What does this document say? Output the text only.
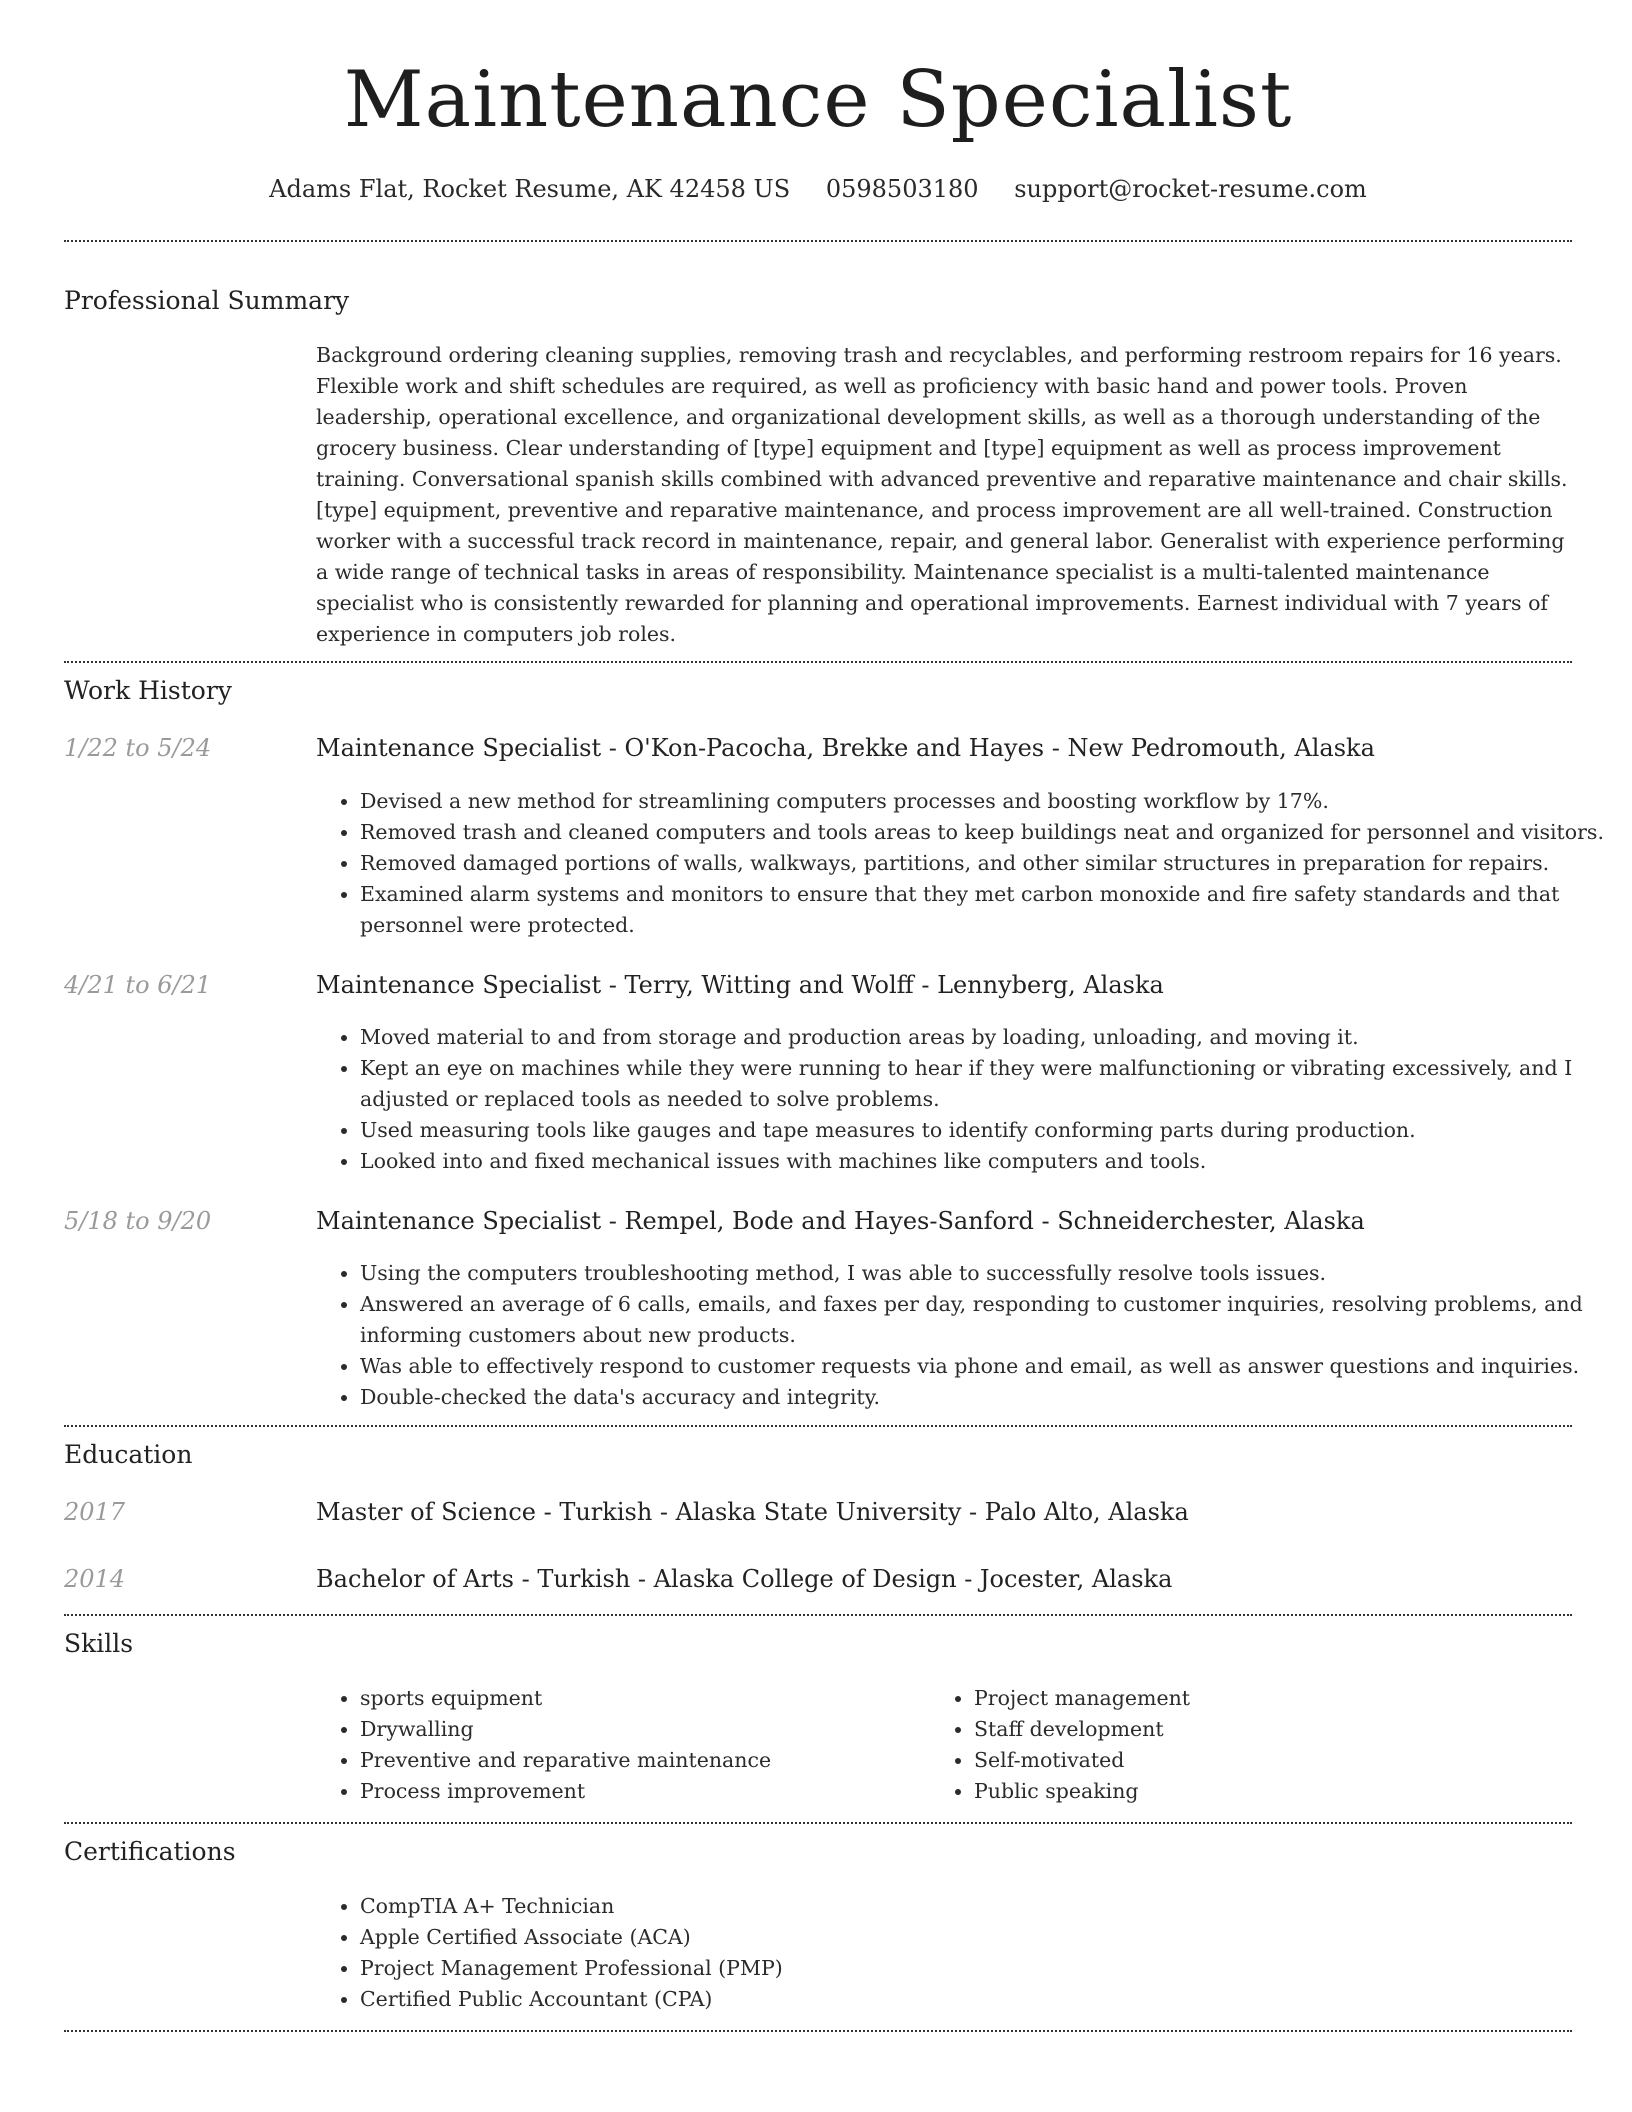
Maintenance Specialist
Adams Flat, Rocket Resume, AK 42458 US 0598503180 support@rocket-resume.com
Professional Summary

Background ordering cleaning supplies, removing trash and recyclables, and performing restroom repairs for 16 years. Flexible work and shift schedules are required, as well as proficiency with basic hand and power tools. Proven leadership, operational excellence, and organizational development skills, as well as a thorough understanding of the grocery business. Clear understanding of [type] equipment and [type] equipment as well as process improvement training. Conversational spanish skills combined with advanced preventive and reparative maintenance and chair skills. [type] equipment, preventive and reparative maintenance, and process improvement are all well-trained. Construction worker with a successful track record in maintenance, repair, and general labor. Generalist with experience performing a wide range of technical tasks in areas of responsibility. Maintenance specialist is a multi-talented maintenance specialist who is consistently rewarded for planning and operational improvements. Earnest individual with 7 years of experience in computers job roles.

Work History
1/22 to 5/24	Maintenance Specialist - O'Kon-Pacocha, Brekke and Hayes - New Pedromouth, Alaska
• Devised a new method for streamlining computers processes and boosting workflow by 17%.
• Removed trash and cleaned computers and tools areas to keep buildings neat and organized for personnel and visitors.
• Removed damaged portions of walls, walkways, partitions, and other similar structures in preparation for repairs.
• Examined alarm systems and monitors to ensure that they met carbon monoxide and fire safety standards and that personnel were protected.
4/21 to 6/21	Maintenance Specialist - Terry, Witting and Wolff - Lennyberg, Alaska
• Moved material to and from storage and production areas by loading, unloading, and moving it.
• Kept an eye on machines while they were running to hear if they were malfunctioning or vibrating excessively, and I adjusted or replaced tools as needed to solve problems.
• Used measuring tools like gauges and tape measures to identify conforming parts during production.
• Looked into and fixed mechanical issues with machines like computers and tools.
5/18 to 9/20	Maintenance Specialist - Rempel, Bode and Hayes-Sanford - Schneiderchester, Alaska
• Using the computers troubleshooting method, I was able to successfully resolve tools issues.
• Answered an average of 6 calls, emails, and faxes per day, responding to customer inquiries, resolving problems, and informing customers about new products.
• Was able to effectively respond to customer requests via phone and email, as well as answer questions and inquiries.
• Double-checked the data's accuracy and integrity.
Education
2017	Master of Science - Turkish - Alaska State University - Palo Alto, Alaska
2014	Bachelor of Arts - Turkish - Alaska College of Design - Jocester, Alaska
Skills
• sports equipment
• Drywalling
• Preventive and reparative maintenance
• Process improvement
• Project management
• Staff development
• Self-motivated
• Public speaking
Certifications
• CompTIA A+ Technician
• Apple Certified Associate (ACA)
• Project Management Professional (PMP)
• Certified Public Accountant (CPA)
